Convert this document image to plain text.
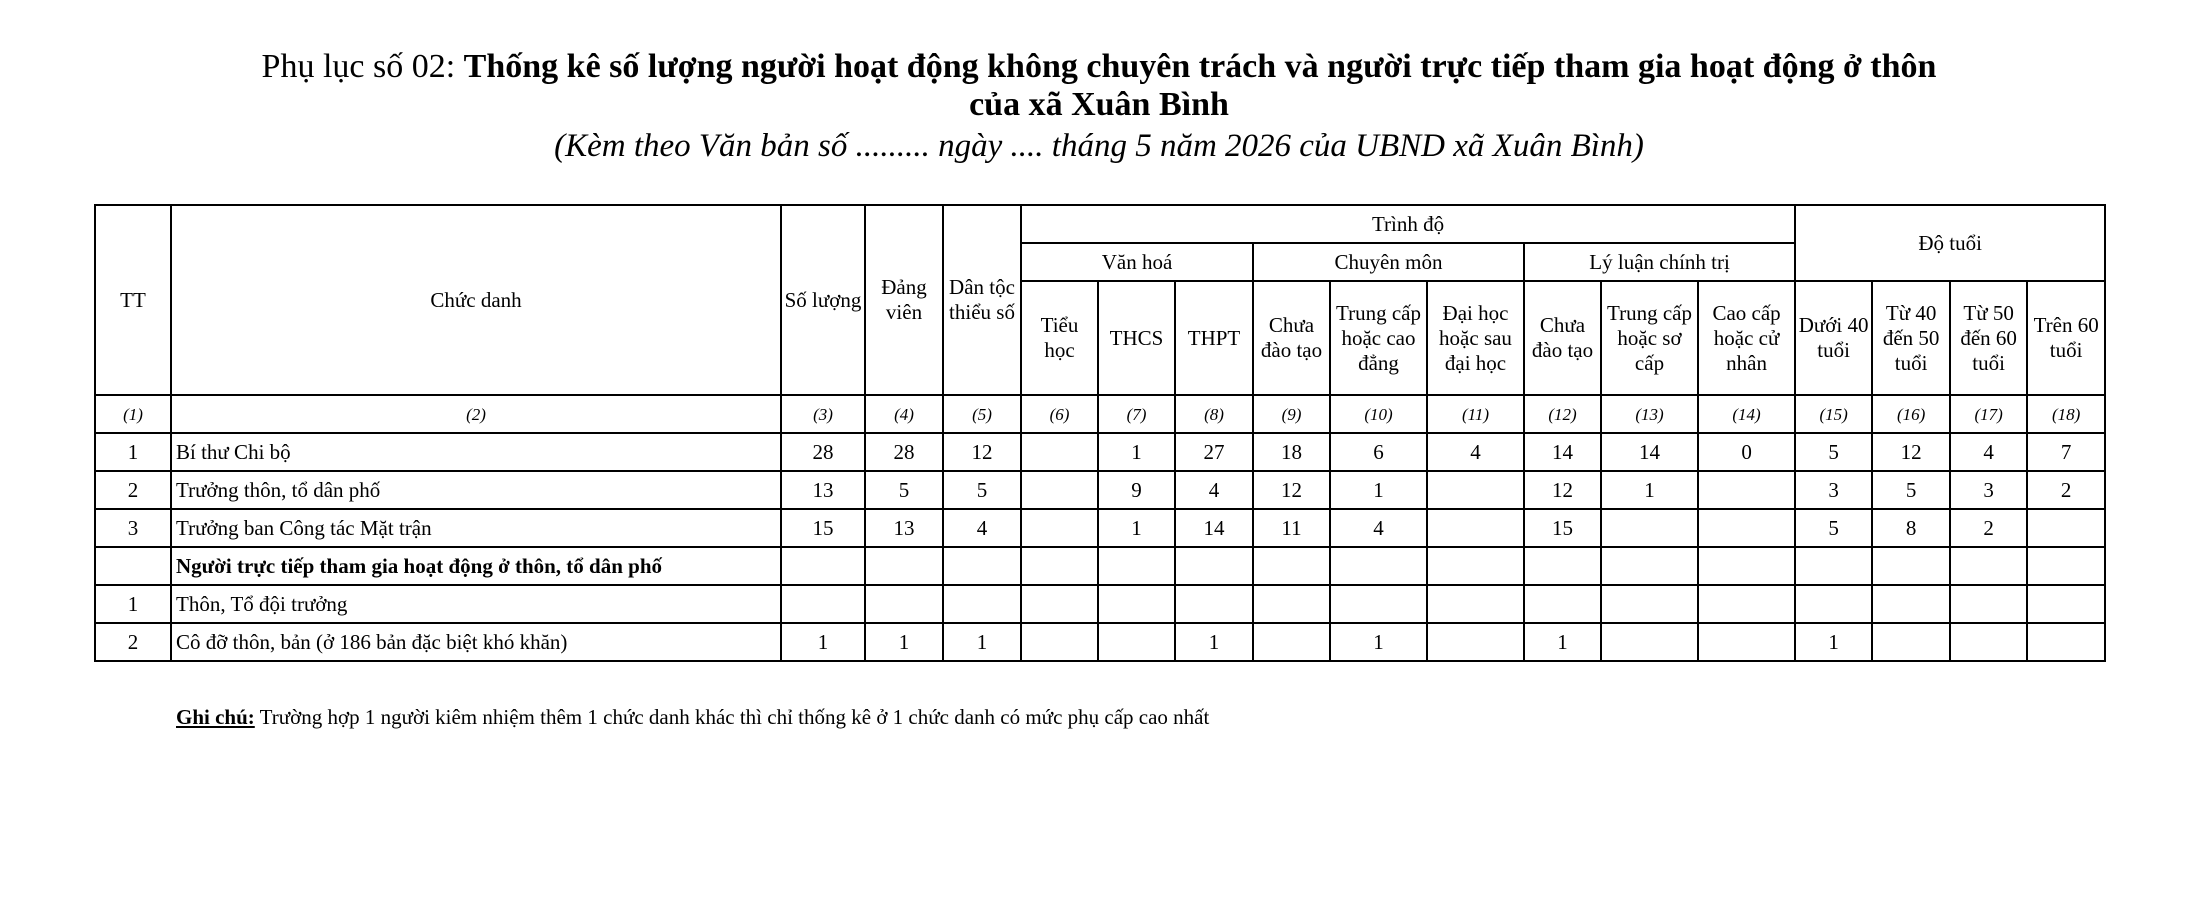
Phụ lục số 02: Thống kê số lượng người hoạt động không chuyên trách và người trực tiếp tham gia hoạt động ở thôn
của xã Xuân Bình
(Kèm theo Văn bản số ......... ngày .... tháng 5 năm 2026 của UBND xã Xuân Bình)
TT	Chức danh	Số lượng	Đảng viên	Dân tộc thiểu số	Trình độ									Độ tuổi			
					Văn hoá			Chuyên môn			Lý luận chính trị						
					Tiểu học	THCS	THPT	Chưa đào tạo	Trung cấp hoặc cao đẳng	Đại học hoặc sau đại học	Chưa đào tạo	Trung cấp hoặc sơ cấp	Cao cấp hoặc cử nhân	Dưới 40 tuổi	Từ 40 đến 50 tuổi	Từ 50 đến 60 tuổi	Trên 60 tuổi
(1)	(2)	(3)	(4)	(5)	(6)	(7)	(8)	(9)	(10)	(11)	(12)	(13)	(14)	(15)	(16)	(17)	(18)
1	Bí thư Chi bộ	28	28	12		1	27	18	6	4	14	14	0	5	12	4	7
2	Trưởng thôn, tổ dân phố	13	5	5		9	4	12	1		12	1		3	5	3	2
3	Trưởng ban Công tác Mặt trận	15	13	4		1	14	11	4		15			5	8	2	
	Người trực tiếp tham gia hoạt động ở thôn, tổ dân phố																
1	Thôn, Tổ đội trưởng																
2	Cô đỡ thôn, bản (ở 186 bản đặc biệt khó khăn)	1	1	1			1		1		1			1			
Ghi chú: Trường hợp 1 người kiêm nhiệm thêm 1 chức danh khác thì chỉ thống kê ở 1 chức danh có mức phụ cấp cao nhất
